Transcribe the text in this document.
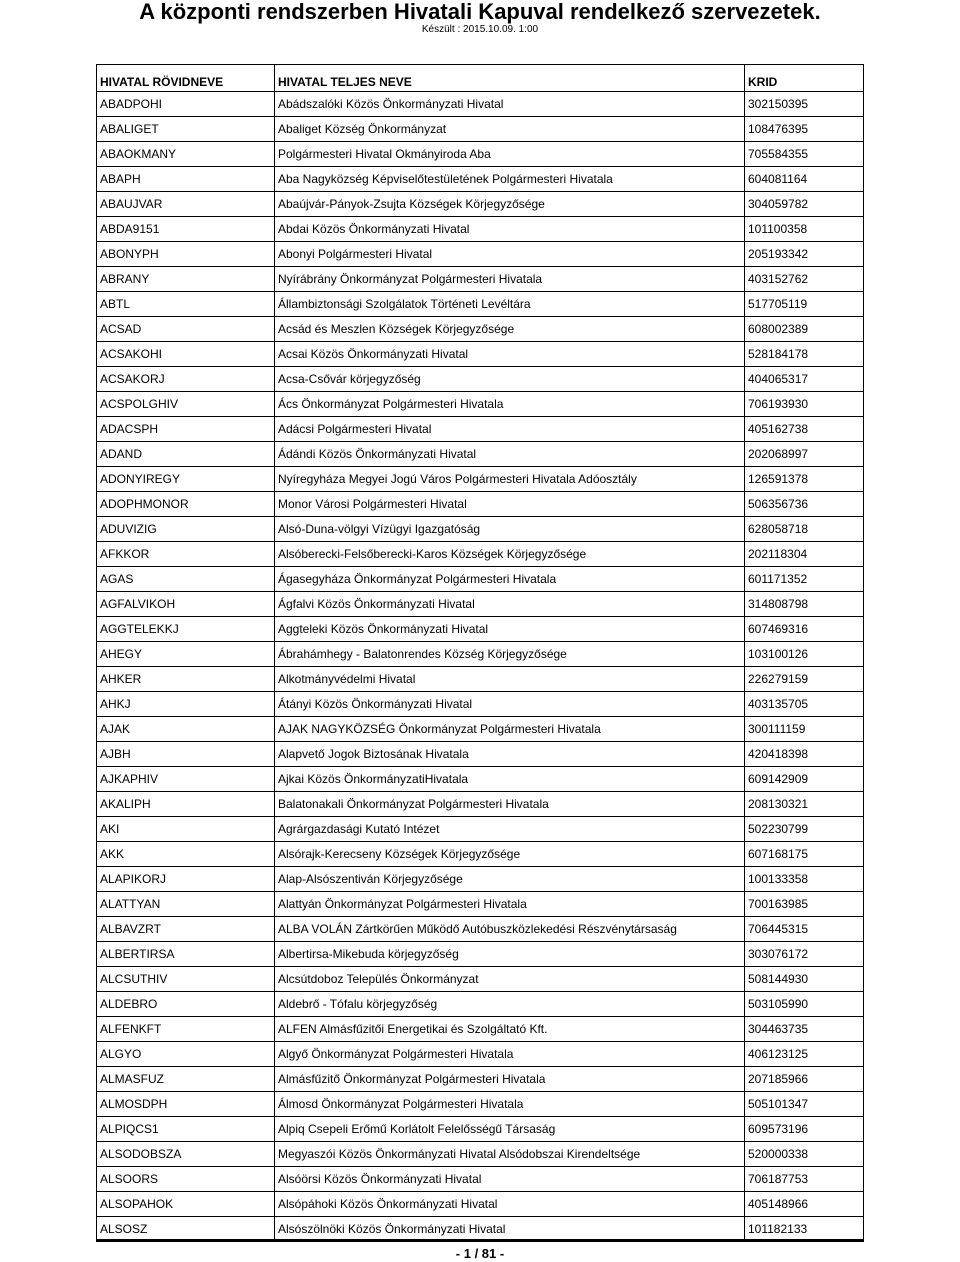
A központi rendszerben Hivatali Kapuval rendelkező szervezetek.
Készült : 2015.10.09. 1:00
HIVATAL RÖVIDNEVE	HIVATAL TELJES NEVE	KRID
ABADPOHI	Abádszalóki Közös Önkormányzati Hivatal	302150395
ABALIGET	Abaliget Község Önkormányzat	108476395
ABAOKMANY	Polgármesteri Hivatal Okmányiroda Aba	705584355
ABAPH	Aba Nagyközség Képviselőtestületének Polgármesteri Hivatala	604081164
ABAUJVAR	Abaújvár-Pányok-Zsujta Községek Körjegyzősége	304059782
ABDA9151	Abdai Közös Önkormányzati Hivatal	101100358
ABONYPH	Abonyi Polgármesteri Hivatal	205193342
ABRANY	Nyírábrány Önkormányzat Polgármesteri Hivatala	403152762
ABTL	Állambiztonsági Szolgálatok Történeti Levéltára	517705119
ACSAD	Acsád és Meszlen Községek Körjegyzősége	608002389
ACSAKOHI	Acsai Közös Önkormányzati Hivatal	528184178
ACSAKORJ	Acsa-Csővár körjegyzőség	404065317
ACSPOLGHIV	Ács Önkormányzat Polgármesteri Hivatala	706193930
ADACSPH	Adácsi Polgármesteri Hivatal	405162738
ADAND	Ádándi Közös Önkormányzati Hivatal	202068997
ADONYIREGY	Nyíregyháza Megyei Jogú Város Polgármesteri Hivatala Adóosztály	126591378
ADOPHMONOR	Monor Városi Polgármesteri Hivatal	506356736
ADUVIZIG	Alsó-Duna-völgyi Vízügyi Igazgatóság	628058718
AFKKOR	Alsóberecki-Felsőberecki-Karos Községek Körjegyzősége	202118304
AGAS	Ágasegyháza Önkormányzat Polgármesteri Hivatala	601171352
AGFALVIKOH	Ágfalvi Közös Önkormányzati Hivatal	314808798
AGGTELEKKJ	Aggteleki Közös Önkormányzati Hivatal	607469316
AHEGY	Ábrahámhegy - Balatonrendes Község Körjegyzősége	103100126
AHKER	Alkotmányvédelmi Hivatal	226279159
AHKJ	Átányi Közös Önkormányzati Hivatal	403135705
AJAK	AJAK NAGYKÖZSÉG Önkormányzat Polgármesteri Hivatala	300111159
AJBH	Alapvető Jogok Biztosának Hivatala	420418398
AJKAPHIV	Ajkai Közös ÖnkormányzatiHivatala	609142909
AKALIPH	Balatonakali Önkormányzat Polgármesteri Hivatala	208130321
AKI	Agrárgazdasági Kutató Intézet	502230799
AKK	Alsórajk-Kerecseny Községek Körjegyzősége	607168175
ALAPIKORJ	Alap-Alsószentiván Körjegyzősége	100133358
ALATTYAN	Alattyán Önkormányzat Polgármesteri Hivatala	700163985
ALBAVZRT	ALBA VOLÁN Zártkörűen Működő Autóbuszközlekedési Részvénytársaság	706445315
ALBERTIRSA	Albertirsa-Mikebuda körjegyzőség	303076172
ALCSUTHIV	Alcsútdoboz Település Önkormányzat	508144930
ALDEBRO	Aldebrő - Tófalu körjegyzőség	503105990
ALFENKFT	ALFEN Almásfűzitői Energetikai és Szolgáltató Kft.	304463735
ALGYO	Algyő Önkormányzat Polgármesteri Hivatala	406123125
ALMASFUZ	Almásfűzitő Önkormányzat Polgármesteri Hivatala	207185966
ALMOSDPH	Álmosd Önkormányzat Polgármesteri Hivatala	505101347
ALPIQCS1	Alpiq Csepeli Erőmű Korlátolt Felelősségű Társaság	609573196
ALSODOBSZA	Megyaszói Közös Önkormányzati Hivatal Alsódobszai Kirendeltsége	520000338
ALSOORS	Alsóörsi Közös Önkormányzati Hivatal	706187753
ALSOPAHOK	Alsópáhoki Közös Önkormányzati Hivatal	405148966
ALSOSZ	Alsószölnöki Közös Önkormányzati Hivatal	101182133
- 1 / 81 -
